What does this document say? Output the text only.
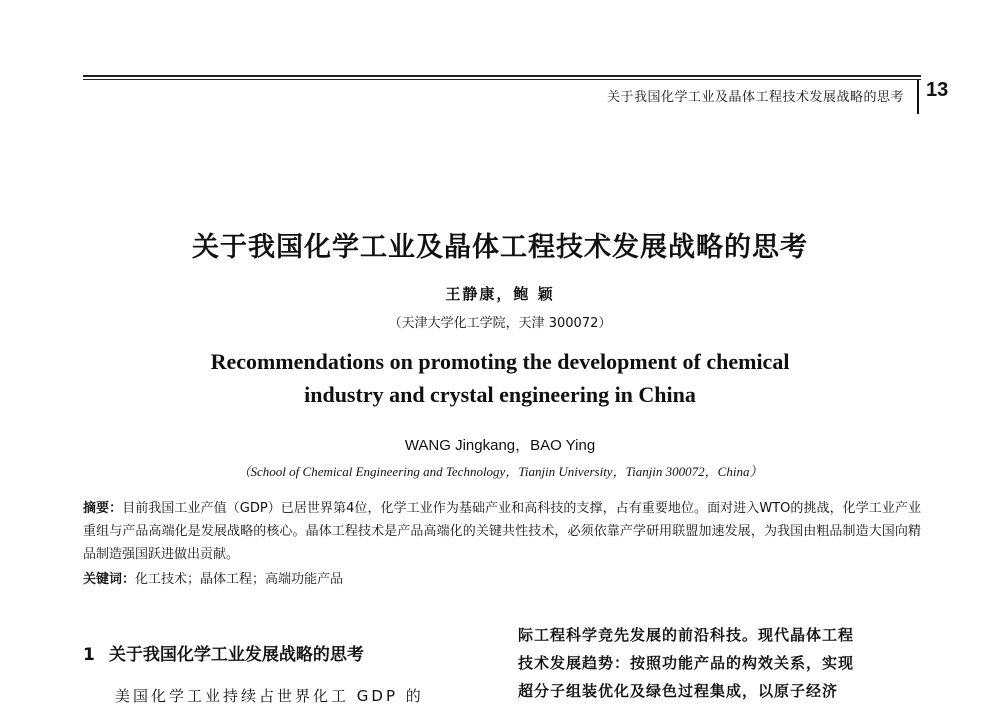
关于我国化学工业及晶体工程技术发展战略的思考 13
关于我国化学工业及晶体工程技术发展战略的思考
王静康，鲍 颖
（天津大学化工学院，天津 300072）
Recommendations on promoting the development of chemical
industry and crystal engineering in China
WANG Jingkang，BAO Ying
（School of Chemical Engineering and Technology，Tianjin University，Tianjin 300072，China）
摘要：目前我国工业产值（GDP）已居世界第4位，化学工业作为基础产业和高科技的支撑，占有重要地位。面对进入WTO的挑战，化学工业产业重组与产品高端化是发展战略的核心。晶体工程技术是产品高端化的关键共性技术，必须依靠产学研用联盟加速发展，为我国由粗品制造大国向精品制造强国跃进做出贡献。
关键词：化工技术；晶体工程；高端功能产品
1 关于我国化学工业发展战略的思考
美国化学工业持续占世界化工 GDP 的
际工程科学竞先发展的前沿科技。现代晶体工程
技术发展趋势：按照功能产品的构效关系，实现
超分子组装优化及绿色过程集成，以原子经济
